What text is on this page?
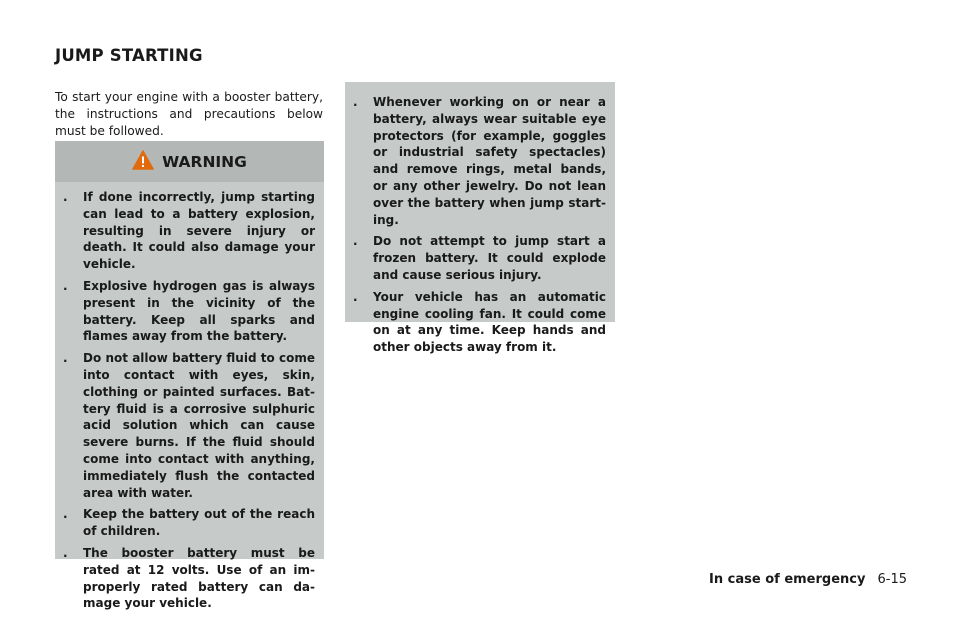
JUMP STARTING

To start your engine with a booster battery, the instructions and precautions below must be followed.

WARNING
. If done incorrectly, jump starting can lead to a battery explosion, resulting in severe injury or death. It could also damage your vehicle.
. Explosive hydrogen gas is always present in the vicinity of the battery. Keep all sparks and flames away from the battery.
. Do not allow battery fluid to come into contact with eyes, skin, clothing or painted surfaces. Bat-tery fluid is a corrosive sulphuric acid solution which can cause severe burns. If the fluid should come into contact with anything, immediately flush the contacted area with water.
. Keep the battery out of the reach of children.
. The booster battery must be rated at 12 volts. Use of an im-properly rated battery can da-mage your vehicle.
. Whenever working on or near a battery, always wear suitable eye protectors (for example, goggles or industrial safety spectacles) and remove rings, metal bands, or any other jewelry. Do not lean over the battery when jump start-ing.
. Do not attempt to jump start a frozen battery. It could explode and cause serious injury.
. Your vehicle has an automatic engine cooling fan. It could come on at any time. Keep hands and other objects away from it.
In case of emergency 6-15
